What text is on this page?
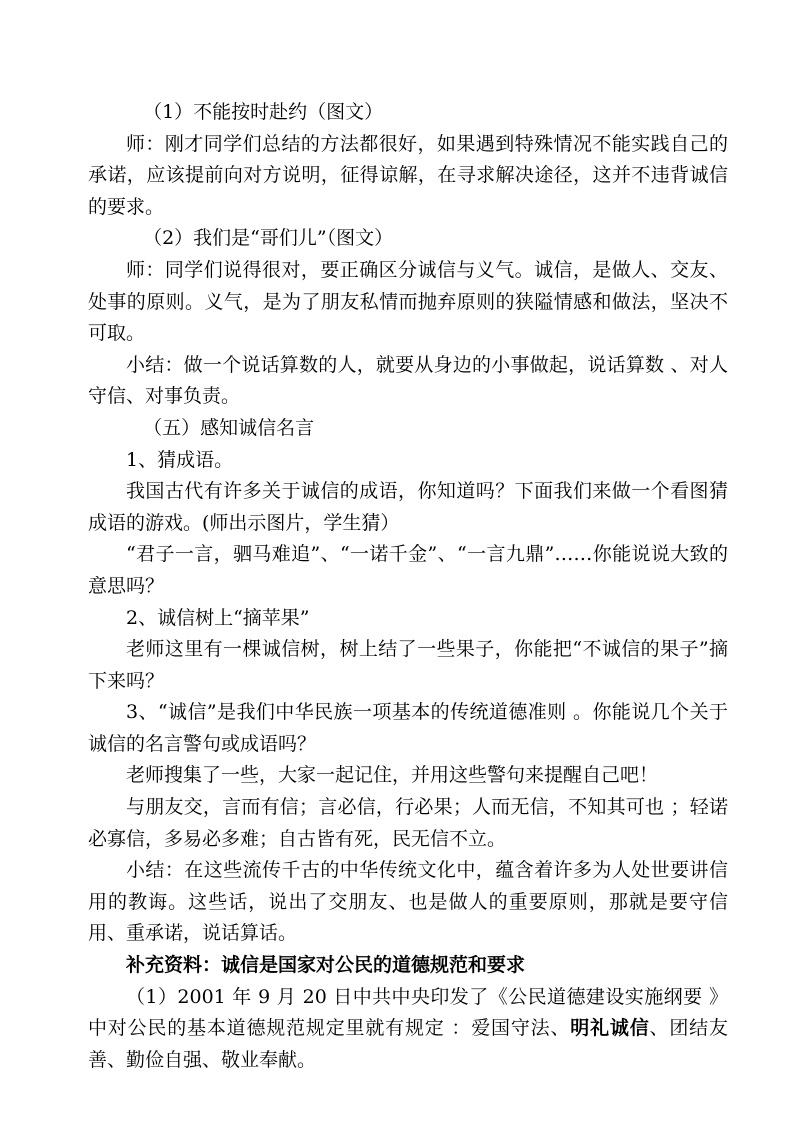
（1）不能按时赴约（图文）

师：刚才同学们总结的方法都很好，如果遇到特殊情况不能实践自己的承诺，应该提前向对方说明，征得谅解，在寻求解决途径，这并不违背诚信的要求。

（2）我们是“哥们儿”（图文）

师：同学们说得很对，要正确区分诚信与义气。诚信，是做人、交友、处事的原则。义气，是为了朋友私情而抛弃原则的狭隘情感和做法，坚决不可取。

小结：做一个说话算数的人，就要从身边的小事做起，说话算数 、对人守信、对事负责。

（五）感知诚信名言

1、猜成语。

我国古代有许多关于诚信的成语，你知道吗？下面我们来做一个看图猜成语的游戏。(师出示图片，学生猜）

“君子一言，驷马难追”、“一诺千金”、“一言九鼎”……你能说说大致的意思吗？

2、诚信树上“摘苹果”

老师这里有一棵诚信树，树上结了一些果子，你能把“不诚信的果子”摘下来吗？

3、“诚信”是我们中华民族一项基本的传统道德准则 。你能说几个关于诚信的名言警句或成语吗？

老师搜集了一些，大家一起记住，并用这些警句来提醒自己吧！

与朋友交，言而有信；言必信，行必果；人而无信，不知其可也 ；轻诺必寡信，多易必多难；自古皆有死，民无信不立。

小结：在这些流传千古的中华传统文化中，蕴含着许多为人处世要讲信用的教诲。这些话，说出了交朋友、也是做人的重要原则，那就是要守信用、重承诺，说话算话。

补充资料：诚信是国家对公民的道德规范和要求

（1）2001 年 9 月 20 日中共中央印发了《公民道德建设实施纲要 》中对公民的基本道德规范规定里就有规定 ：爱国守法、明礼诚信、团结友善、勤俭自强、敬业奉献。
